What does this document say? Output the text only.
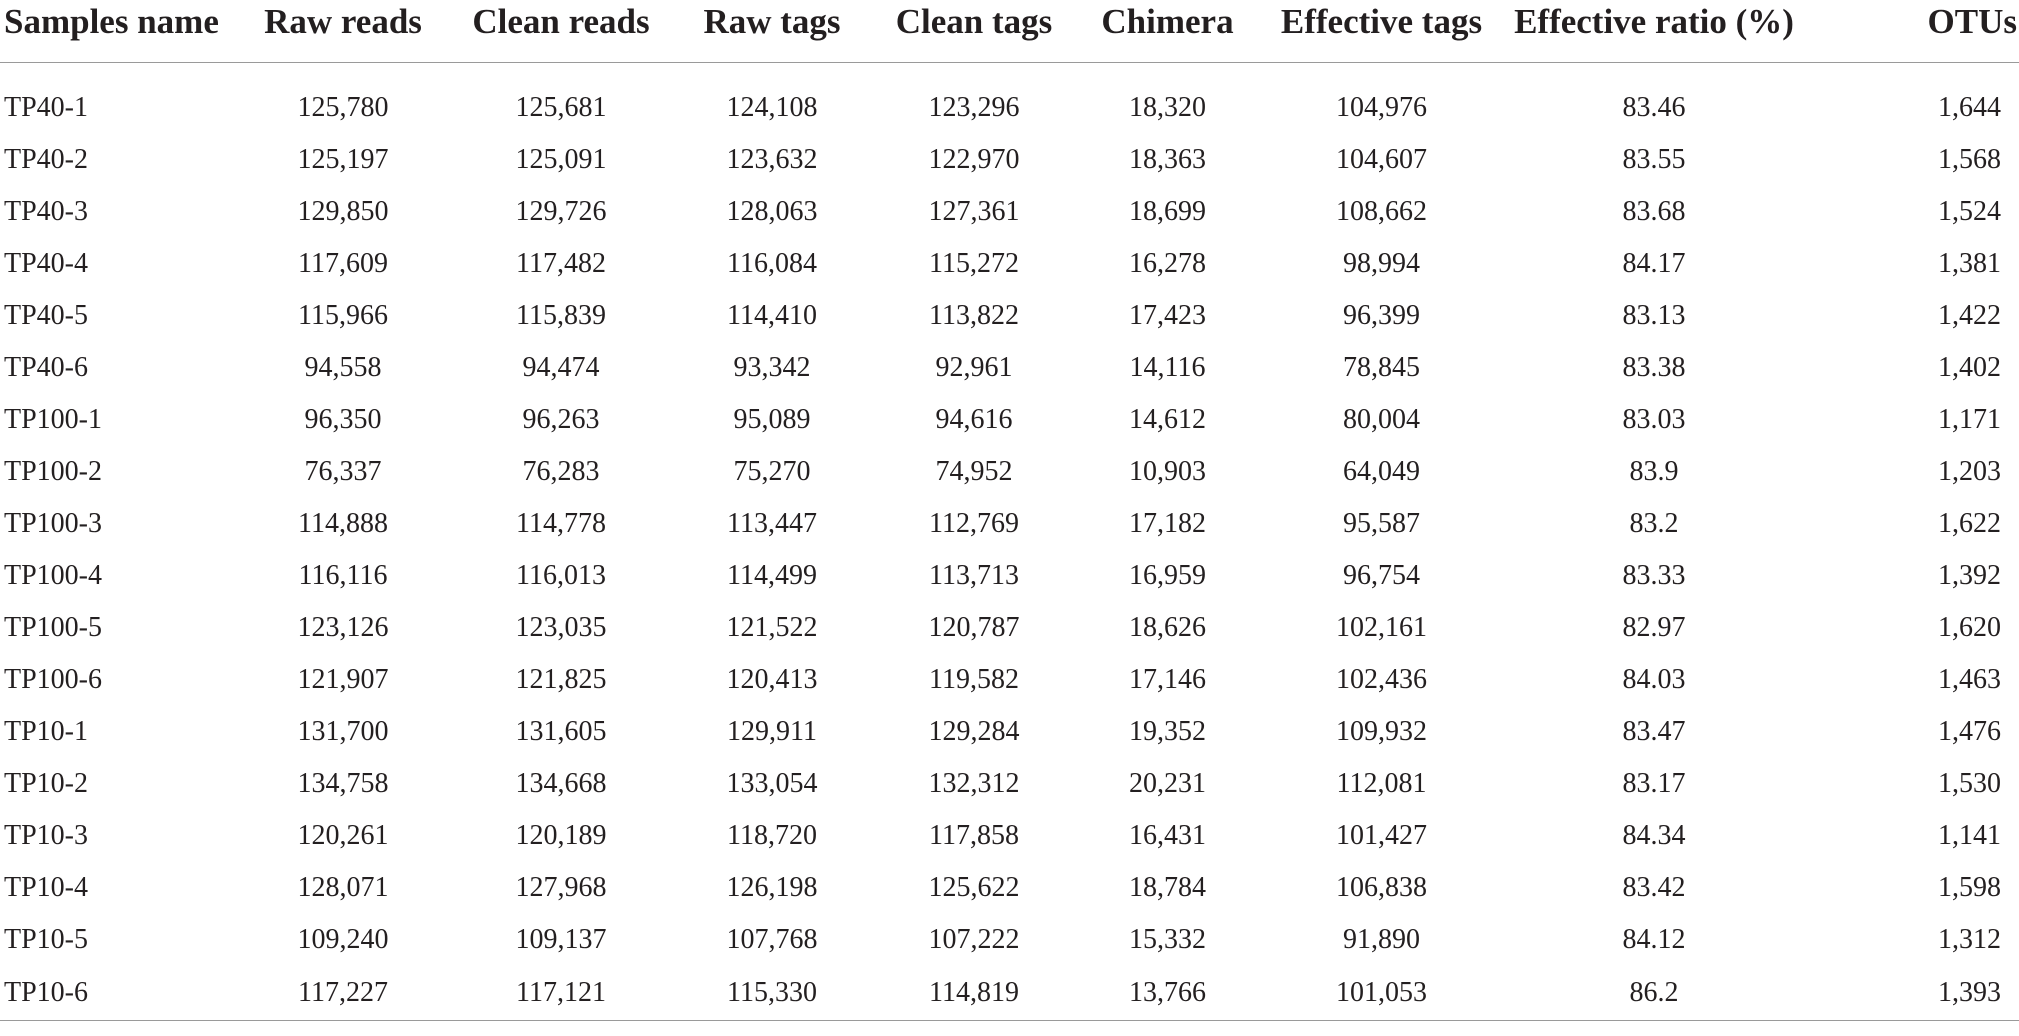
Samples name	Raw reads	Clean reads	Raw tags	Clean tags	Chimera	Effective tags	Effective ratio (%)	OTUs

TP40-1	125,780	125,681	124,108	123,296	18,320	104,976	83.46	1,644
TP40-2	125,197	125,091	123,632	122,970	18,363	104,607	83.55	1,568
TP40-3	129,850	129,726	128,063	127,361	18,699	108,662	83.68	1,524
TP40-4	117,609	117,482	116,084	115,272	16,278	98,994	84.17	1,381
TP40-5	115,966	115,839	114,410	113,822	17,423	96,399	83.13	1,422
TP40-6	94,558	94,474	93,342	92,961	14,116	78,845	83.38	1,402
TP100-1	96,350	96,263	95,089	94,616	14,612	80,004	83.03	1,171
TP100-2	76,337	76,283	75,270	74,952	10,903	64,049	83.9	1,203
TP100-3	114,888	114,778	113,447	112,769	17,182	95,587	83.2	1,622
TP100-4	116,116	116,013	114,499	113,713	16,959	96,754	83.33	1,392
TP100-5	123,126	123,035	121,522	120,787	18,626	102,161	82.97	1,620
TP100-6	121,907	121,825	120,413	119,582	17,146	102,436	84.03	1,463
TP10-1	131,700	131,605	129,911	129,284	19,352	109,932	83.47	1,476
TP10-2	134,758	134,668	133,054	132,312	20,231	112,081	83.17	1,530
TP10-3	120,261	120,189	118,720	117,858	16,431	101,427	84.34	1,141
TP10-4	128,071	127,968	126,198	125,622	18,784	106,838	83.42	1,598
TP10-5	109,240	109,137	107,768	107,222	15,332	91,890	84.12	1,312
TP10-6	117,227	117,121	115,330	114,819	13,766	101,053	86.2	1,393
